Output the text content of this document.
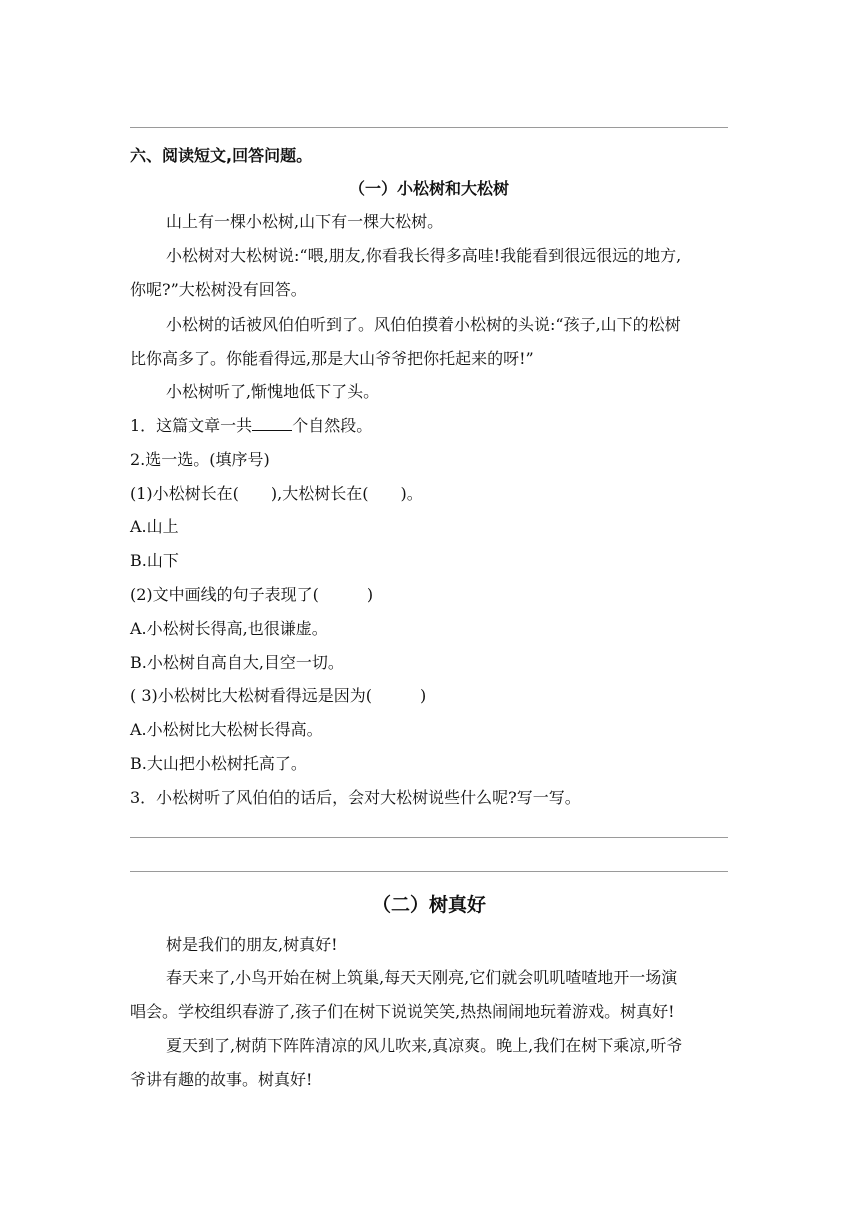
六、阅读短文,回答问题。
（一）小松树和大松树
山上有一棵小松树,山下有一棵大松树。
小松树对大松树说:“喂,朋友,你看我长得多高哇!我能看到很远很远的地方,
你呢?”大松树没有回答。
小松树的话被风伯伯听到了。风伯伯摸着小松树的头说:“孩子,山下的松树
比你高多了。你能看得远,那是大山爷爷把你托起来的呀!”
小松树听了,惭愧地低下了头。
1．这篇文章一共	个自然段。
2.选一选。(填序号)
(1)小松树长在(　　),大松树长在(　　)。
A.山上
B.山下
(2)文中画线的句子表现了(　　　)
A.小松树长得高,也很谦虚。
B.小松树自高自大,目空一切。
( 3)小松树比大松树看得远是因为(　　　)
A.小松树比大松树长得高。
B.大山把小松树托高了。
3．小松树听了风伯伯的话后，会对大松树说些什么呢?写一写。
（二）树真好
树是我们的朋友,树真好!
春天来了,小鸟开始在树上筑巢,每天天刚亮,它们就会叽叽喳喳地开一场演
唱会。学校组织春游了,孩子们在树下说说笑笑,热热闹闹地玩着游戏。树真好!
夏天到了,树荫下阵阵清凉的风儿吹来,真凉爽。晚上,我们在树下乘凉,听爷
爷讲有趣的故事。树真好!
